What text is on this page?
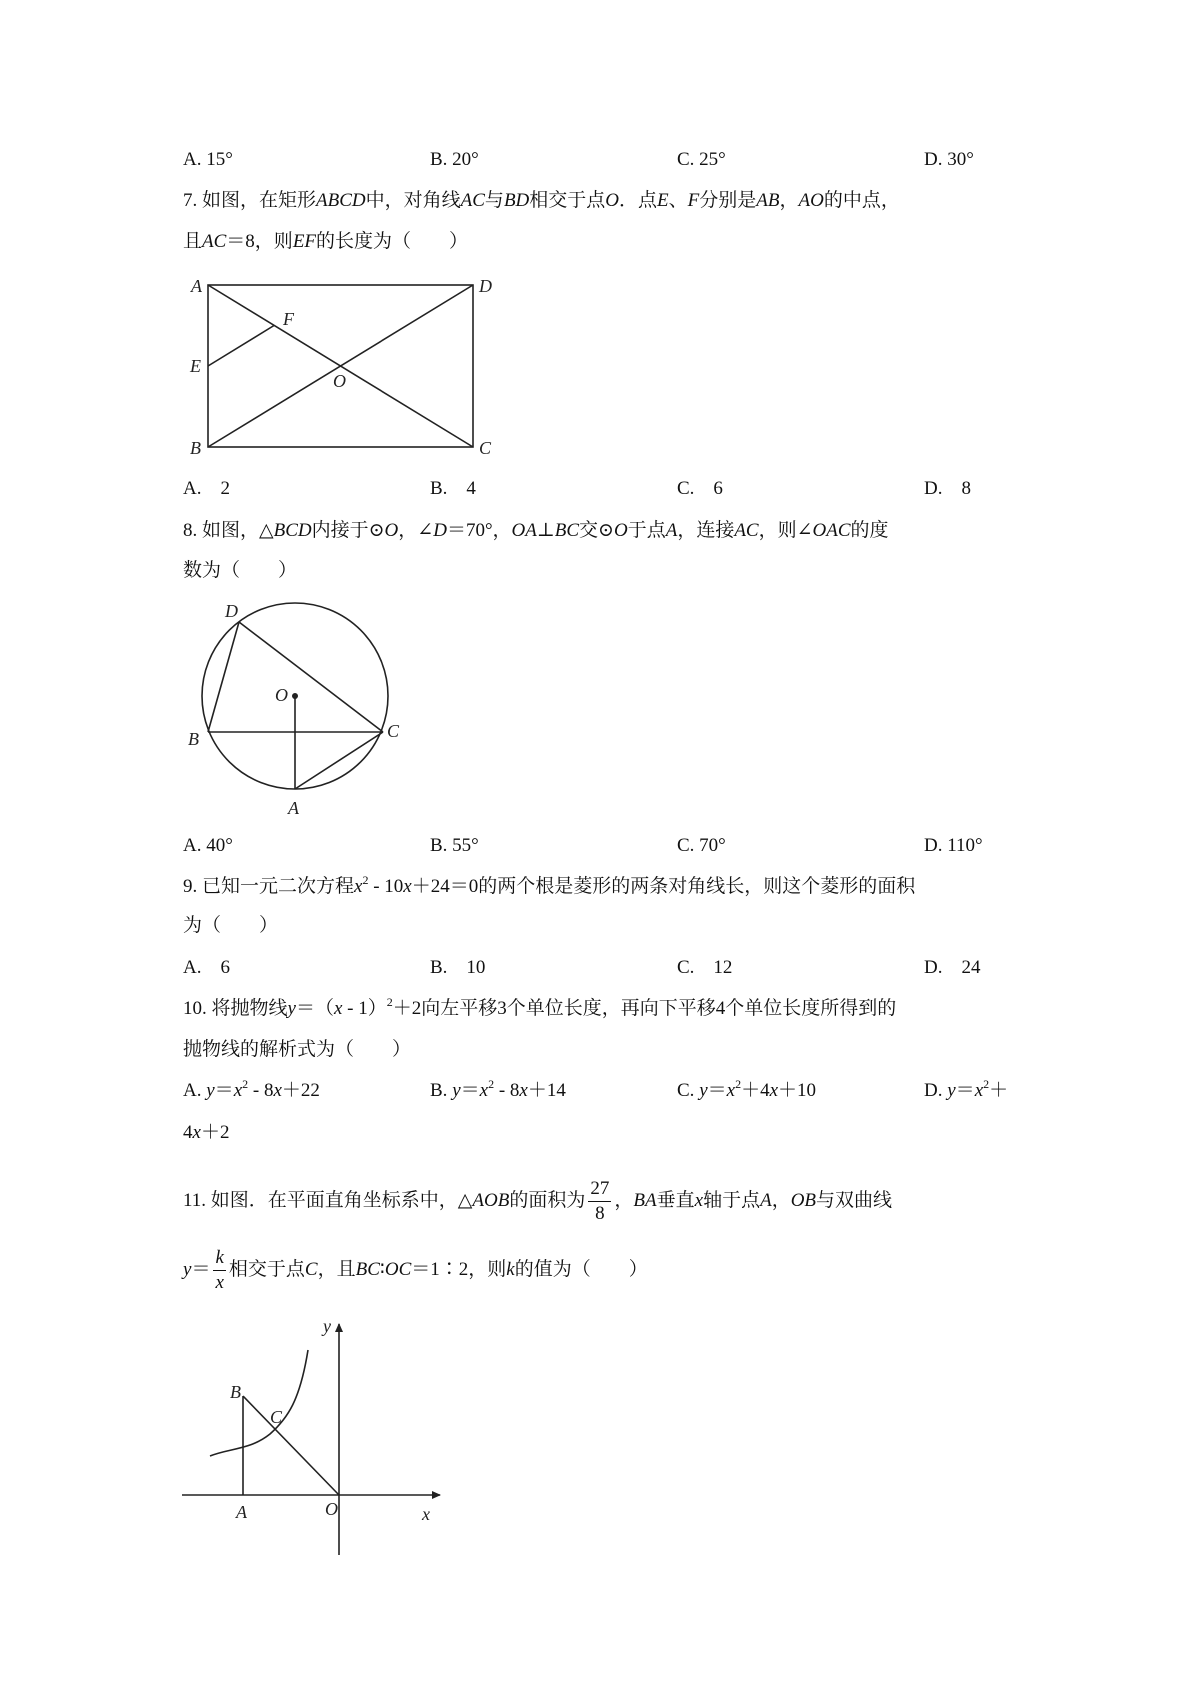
A. 15°	B. 20°	C. 25°	D. 30°
7. 如图，在矩形ABCD中，对角线AC与BD相交于点O．点E、F分别是AB，AO的中点，
且AC＝8，则EF的长度为（　　）
A	D
F
E
O
B	C
A.　2	B.　4	C.　6	D.　8
8. 如图，△BCD内接于⊙O，∠D＝70°，OA⊥BC交⊙O于点A，连接AC，则∠OAC的度
数为（　　）
D
O
B	C
A
A. 40°	B. 55°	C. 70°	D. 110°
9. 已知一元二次方程$x^2 - 10x+24=0$的两个根是菱形的两条对角线长，则这个菱形的面积
为（　　）
A.　6	B.　10	C.　12	D.　24
10. 将抛物线y＝（x - 1）$^2$＋2向左平移3个单位长度，再向下平移4个单位长度所得到的
抛物线的解析式为（　　）
A. $y=x^2 - 8x+22$	B. $y=x^2 - 8x+14$	C. $y=x^2+4x+10$	D. $y=x^2+$
4x＋2
11. 如图．在平面直角坐标系中，△AOB的面积为 $\frac{27}{8}$ ，BA垂直x轴于点A，OB与双曲线
$y= \frac{k}{x}$ 相交于点C，且BC∶OC＝1∶2，则k的值为（　　）
y
B
C
A	O	x
